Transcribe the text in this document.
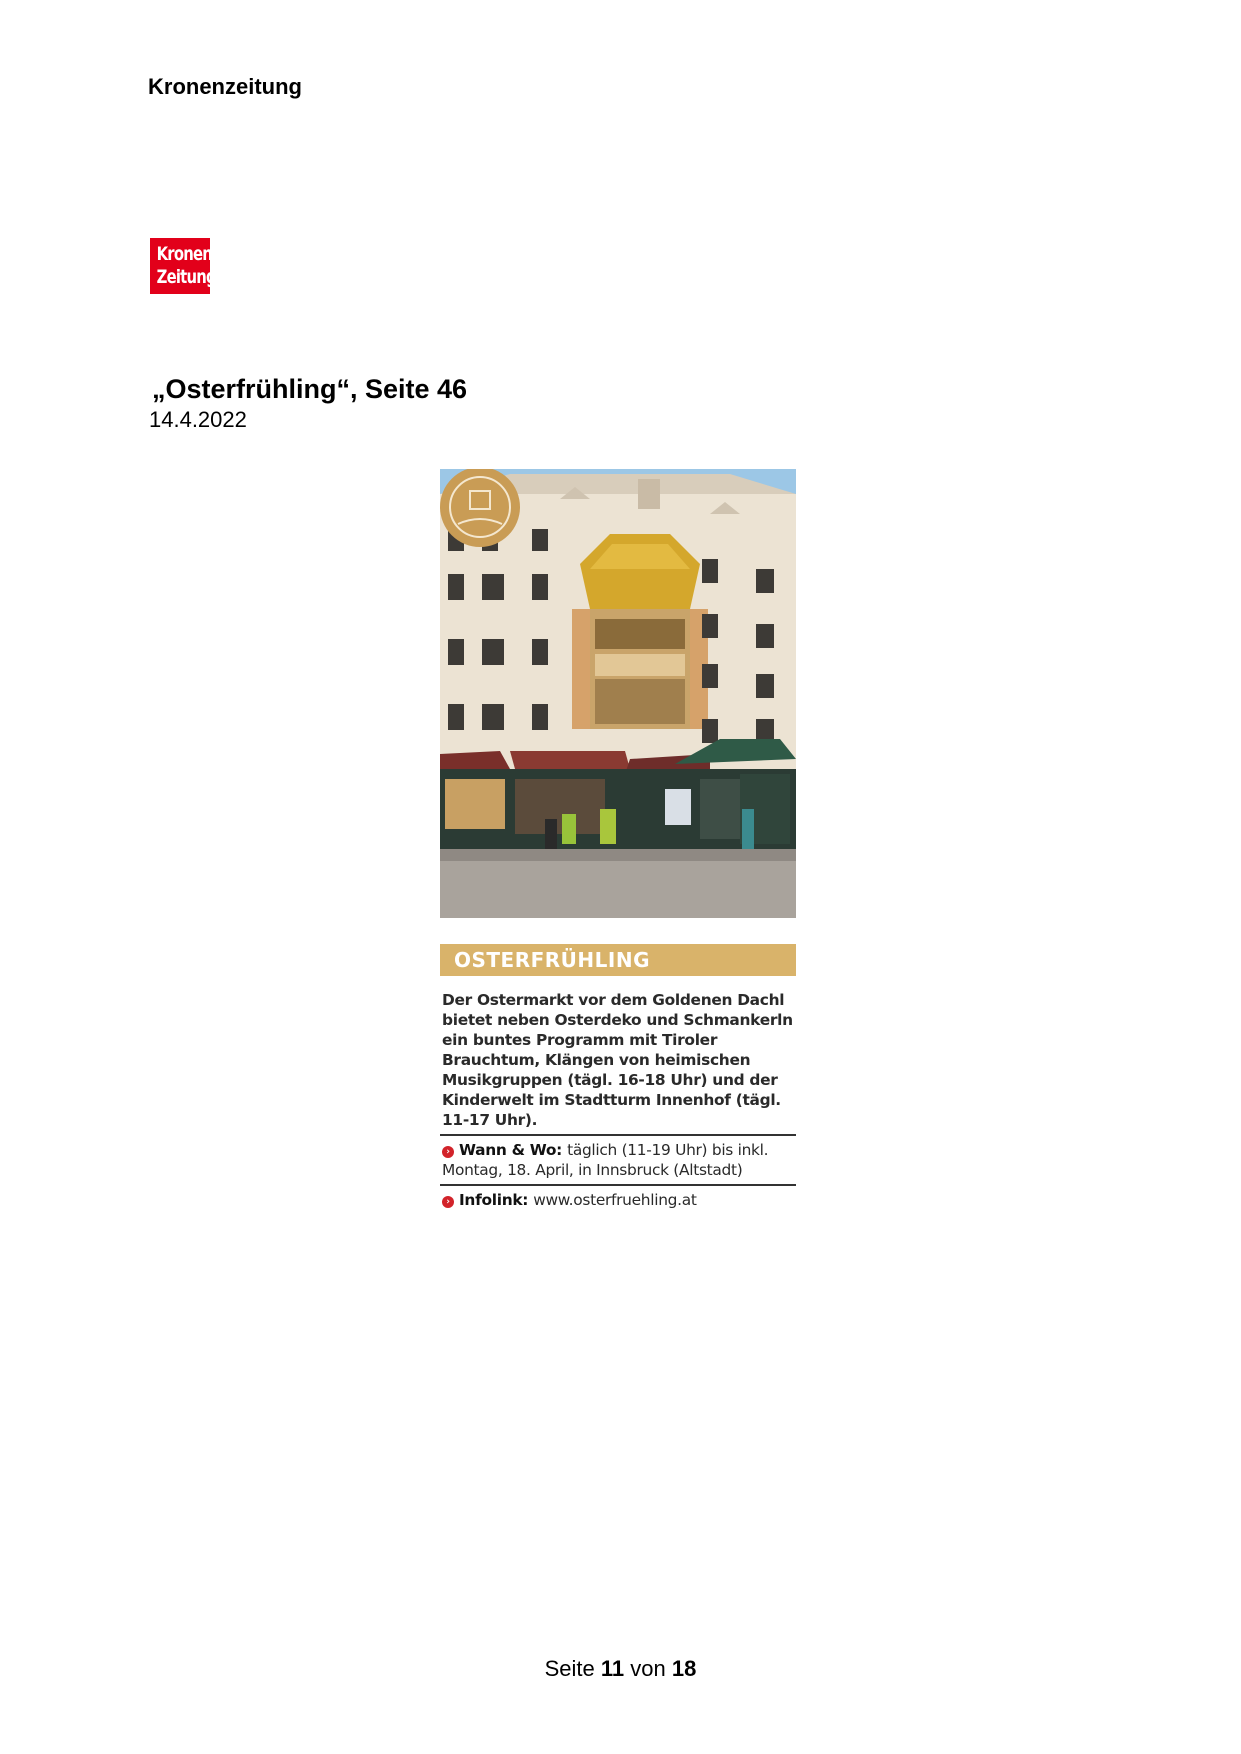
Kronenzeitung
Kronen
Zeitung
„Osterfrühling“, Seite 46
14.4.2022
OSTERFRÜHLING
Der Ostermarkt vor dem Goldenen Dachl bietet neben Osterdeko und Schmankerln ein buntes Programm mit Tiroler Brauchtum, Klängen von heimischen Musikgruppen (tägl. 16-18 Uhr) und der Kinderwelt im Stadtturm Innenhof (tägl. 11-17 Uhr).
› Wann & Wo: täglich (11-19 Uhr) bis inkl. Montag, 18. April, in Innsbruck (Altstadt)
› Infolink: www.osterfruehling.at
Seite 11 von 18
